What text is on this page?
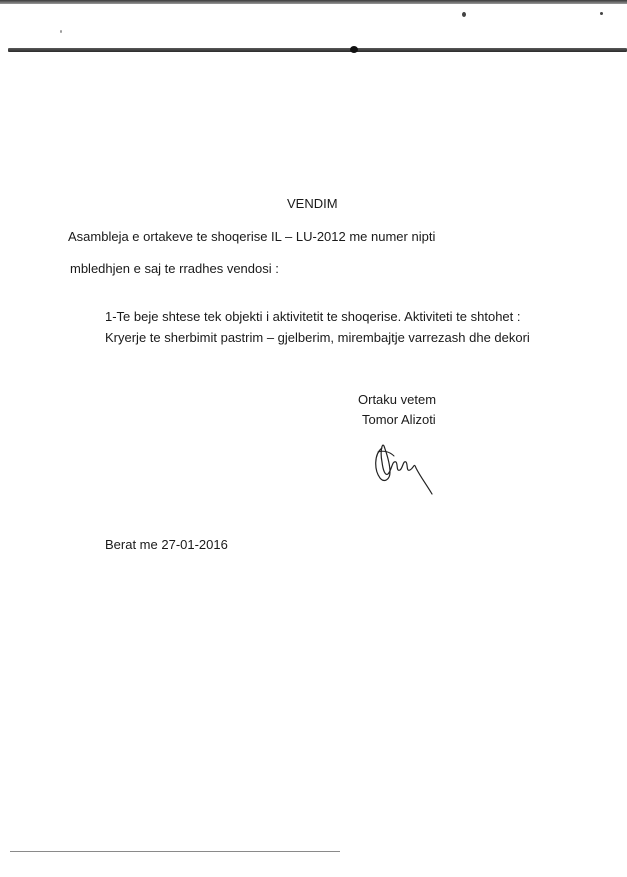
VENDIM
Asambleja e ortakeve te shoqerise IL – LU-2012 me numer nipti
mbledhjen e saj te rradhes vendosi :
1-Te beje shtese tek objekti i aktivitetit te shoqerise. Aktiviteti te shtohet :
Kryerje te sherbimit pastrim – gjelberim, mirembajtje varrezash dhe dekori
Ortaku vetem
Tomor Alizoti
Berat me 27-01-2016
